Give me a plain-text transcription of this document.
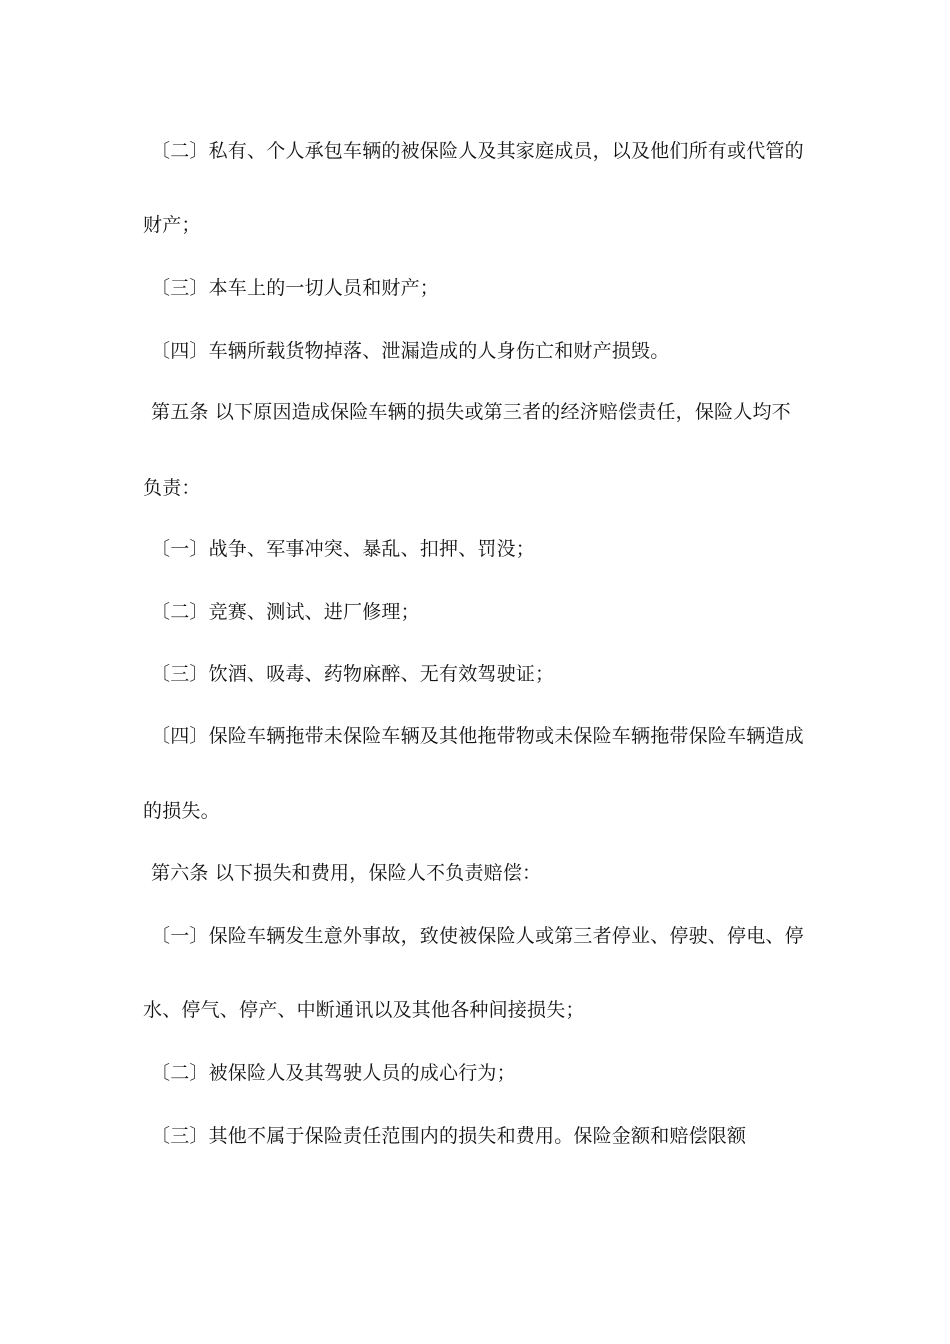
〔二〕私有、个人承包车辆的被保险人及其家庭成员，以及他们所有或代管的
财产；
〔三〕本车上的一切人员和财产；
〔四〕车辆所载货物掉落、泄漏造成的人身伤亡和财产损毁。
第五条 以下原因造成保险车辆的损失或第三者的经济赔偿责任，保险人均不
负责：
〔一〕战争、军事冲突、暴乱、扣押、罚没；
〔二〕竞赛、测试、进厂修理；
〔三〕饮酒、吸毒、药物麻醉、无有效驾驶证；
〔四〕保险车辆拖带未保险车辆及其他拖带物或未保险车辆拖带保险车辆造成
的损失。
第六条 以下损失和费用，保险人不负责赔偿：
〔一〕保险车辆发生意外事故，致使被保险人或第三者停业、停驶、停电、停
水、停气、停产、中断通讯以及其他各种间接损失；
〔二〕被保险人及其驾驶人员的成心行为；
〔三〕其他不属于保险责任范围内的损失和费用。保险金额和赔偿限额
